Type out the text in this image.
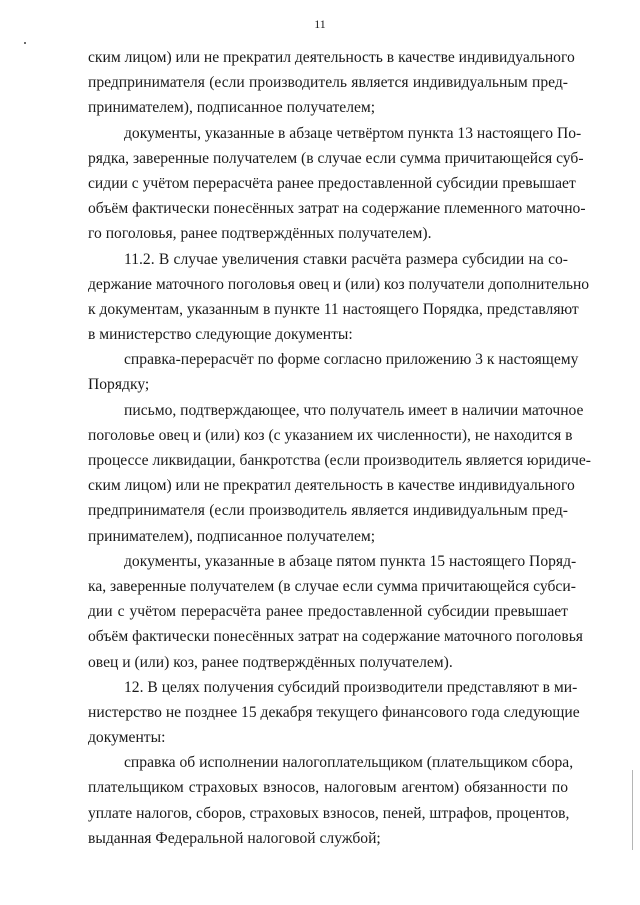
11
ским лицом) или не прекратил деятельность в качестве индивидуального
предпринимателя (если производитель является индивидуальным пред-
принимателем), подписанное получателем;
документы, указанные в абзаце четвёртом пункта 13 настоящего По-
рядка, заверенные получателем (в случае если сумма причитающейся суб-
сидии с учётом перерасчёта ранее предоставленной субсидии превышает
объём фактически понесённых затрат на содержание племенного маточно-
го поголовья, ранее подтверждённых получателем).
11.2. В случае увеличения ставки расчёта размера субсидии на со-
держание маточного поголовья овец и (или) коз получатели дополнительно
к документам, указанным в пункте 11 настоящего Порядка, представляют
в министерство следующие документы:
справка-перерасчёт по форме согласно приложению 3 к настоящему
Порядку;
письмо, подтверждающее, что получатель имеет в наличии маточное
поголовье овец и (или) коз (с указанием их численности), не находится в
процессе ликвидации, банкротства (если производитель является юридиче-
ским лицом) или не прекратил деятельность в качестве индивидуального
предпринимателя (если производитель является индивидуальным пред-
принимателем), подписанное получателем;
документы, указанные в абзаце пятом пункта 15 настоящего Поряд-
ка, заверенные получателем (в случае если сумма причитающейся субси-
дии с учётом перерасчёта ранее предоставленной субсидии превышает
объём фактически понесённых затрат на содержание маточного поголовья
овец и (или) коз, ранее подтверждённых получателем).
12. В целях получения субсидий производители представляют в ми-
нистерство не позднее 15 декабря текущего финансового года следующие
документы:
справка об исполнении налогоплательщиком (плательщиком сбора,
плательщиком страховых взносов, налоговым агентом) обязанности по
уплате налогов, сборов, страховых взносов, пеней, штрафов, процентов,
выданная Федеральной налоговой службой;
